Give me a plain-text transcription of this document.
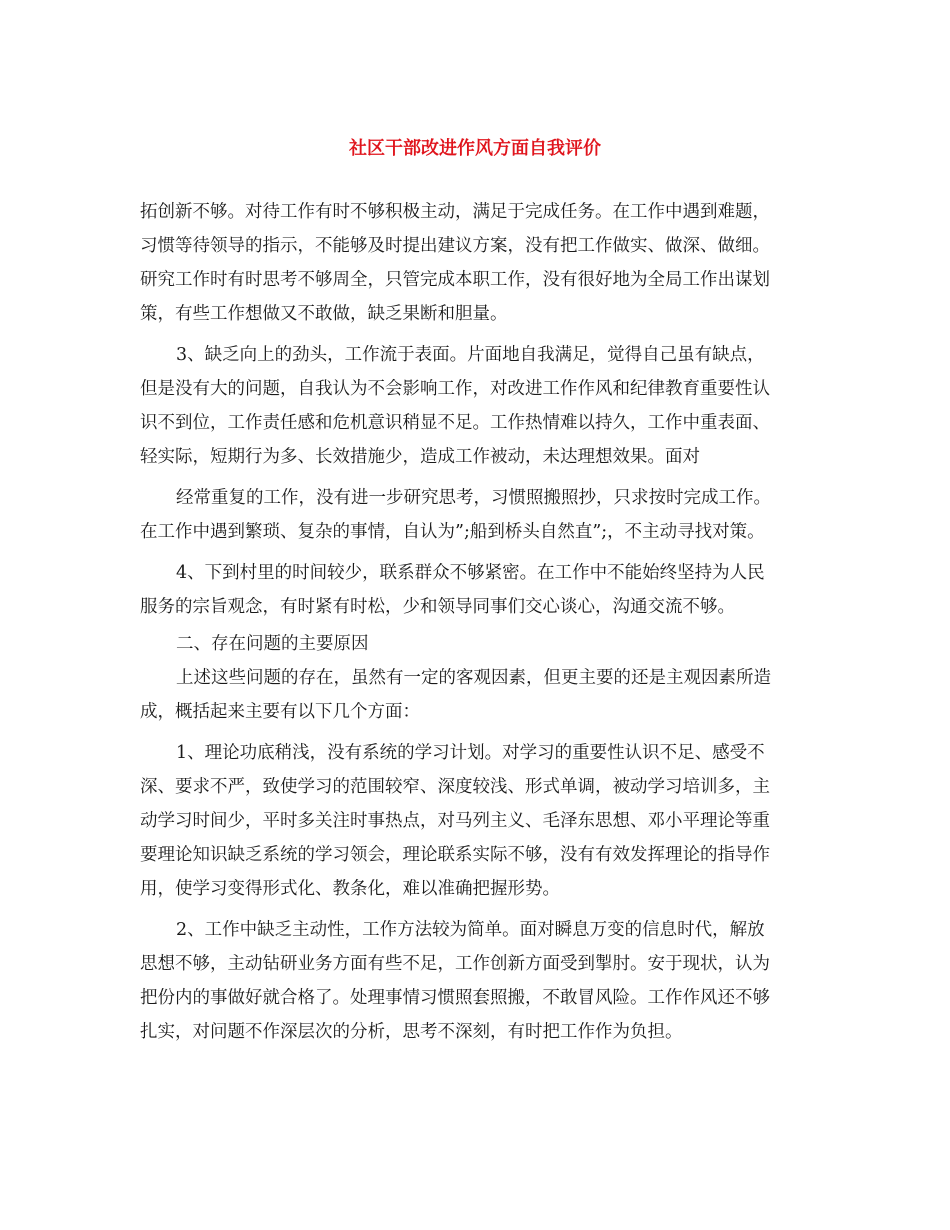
社区干部改进作风方面自我评价

拓创新不够。对待工作有时不够积极主动，满足于完成任务。在工作中遇到难题，

习惯等待领导的指示，不能够及时提出建议方案，没有把工作做实、做深、做细。

研究工作时有时思考不够周全，只管完成本职工作，没有很好地为全局工作出谋划

策，有些工作想做又不敢做，缺乏果断和胆量。

3、缺乏向上的劲头，工作流于表面。片面地自我满足，觉得自己虽有缺点，

但是没有大的问题，自我认为不会影响工作，对改进工作作风和纪律教育重要性认

识不到位，工作责任感和危机意识稍显不足。工作热情难以持久，工作中重表面、

轻实际，短期行为多、长效措施少，造成工作被动，未达理想效果。面对

经常重复的工作，没有进一步研究思考，习惯照搬照抄，只求按时完成工作。

在工作中遇到繁琐、复杂的事情，自认为”;船到桥头自然直”;，不主动寻找对策。

4、下到村里的时间较少，联系群众不够紧密。在工作中不能始终坚持为人民

服务的宗旨观念，有时紧有时松，少和领导同事们交心谈心，沟通交流不够。

二、存在问题的主要原因

上述这些问题的存在，虽然有一定的客观因素，但更主要的还是主观因素所造

成，概括起来主要有以下几个方面：

1、理论功底稍浅，没有系统的学习计划。对学习的重要性认识不足、感受不

深、要求不严，致使学习的范围较窄、深度较浅、形式单调，被动学习培训多，主

动学习时间少，平时多关注时事热点，对马列主义、毛泽东思想、邓小平理论等重

要理论知识缺乏系统的学习领会，理论联系实际不够，没有有效发挥理论的指导作

用，使学习变得形式化、教条化，难以准确把握形势。

2、工作中缺乏主动性，工作方法较为简单。面对瞬息万变的信息时代，解放

思想不够，主动钻研业务方面有些不足，工作创新方面受到掣肘。安于现状，认为

把份内的事做好就合格了。处理事情习惯照套照搬，不敢冒风险。工作作风还不够

扎实，对问题不作深层次的分析，思考不深刻，有时把工作作为负担。
